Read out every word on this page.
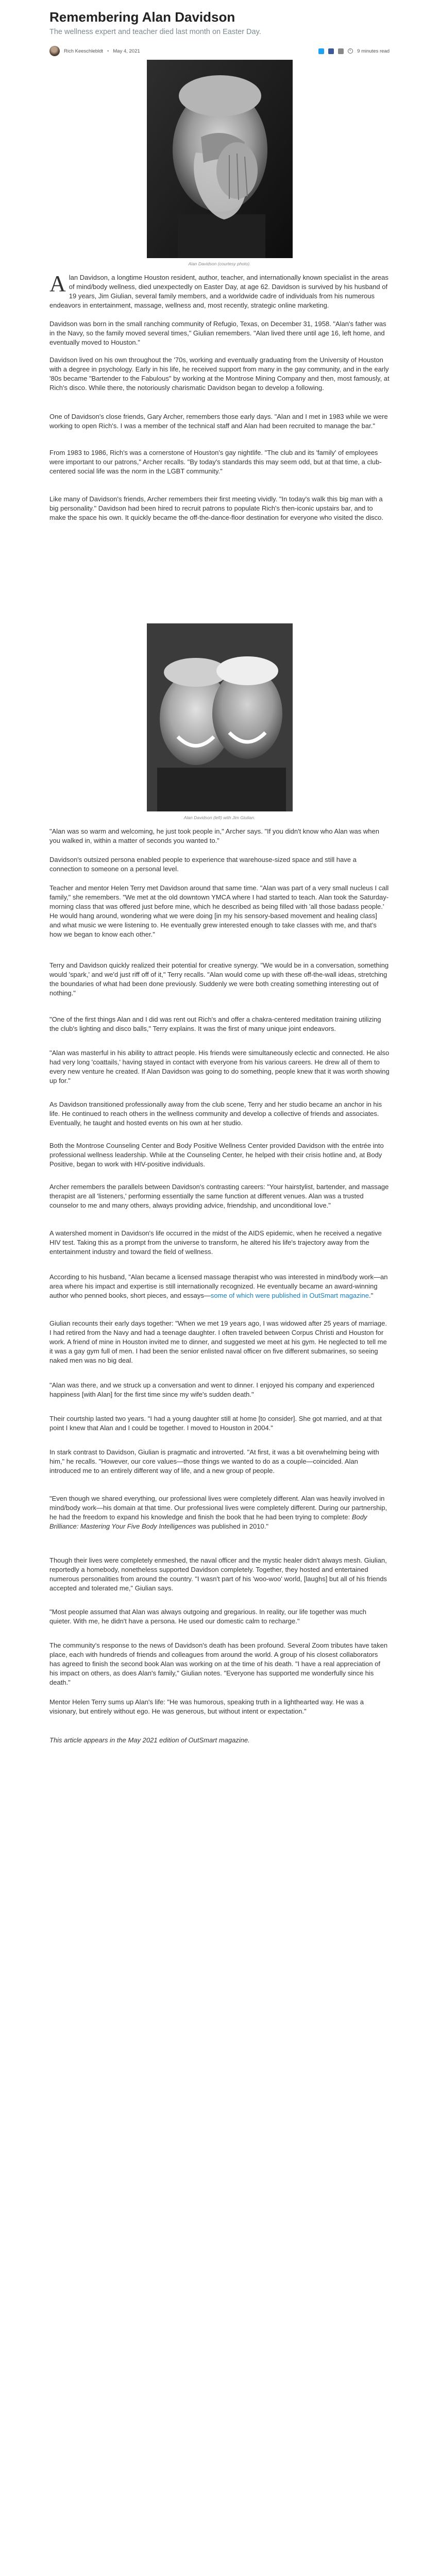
Remembering Alan Davidson
The wellness expert and teacher died last month on Easter Day.
Rich Keeschlebldt • May 4, 2021	9 minutes read
Alan Davidson (courtesy photo).
Alan Davidson, a longtime Houston resident, author, teacher, and internationally known specialist in the areas of mind/body wellness, died unexpectedly on Easter Day, at age 62. Davidson is survived by his husband of 19 years, Jim Giulian, several family members, and a worldwide cadre of individuals from his numerous endeavors in entertainment, massage, wellness and, most recently, strategic online marketing.
Davidson was born in the small ranching community of Refugio, Texas, on December 31, 1958. "Alan's father was in the Navy, so the family moved several times," Giulian remembers. "Alan lived there until age 16, left home, and eventually moved to Houston."
Davidson lived on his own throughout the '70s, working and eventually graduating from the University of Houston with a degree in psychology. Early in his life, he received support from many in the gay community, and in the early '80s became "Bartender to the Fabulous" by working at the Montrose Mining Company and then, most famously, at Rich's disco. While there, the notoriously charismatic Davidson began to develop a following.
One of Davidson's close friends, Gary Archer, remembers those early days. "Alan and I met in 1983 while we were working to open Rich's. I was a member of the technical staff and Alan had been recruited to manage the bar."
From 1983 to 1986, Rich's was a cornerstone of Houston's gay nightlife. "The club and its 'family' of employees were important to our patrons," Archer recalls. "By today's standards this may seem odd, but at that time, a club-centered social life was the norm in the LGBT community."
Like many of Davidson's friends, Archer remembers their first meeting vividly. "In today's walk this big man with a big personality." Davidson had been hired to recruit patrons to populate Rich's then-iconic upstairs bar, and to make the space his own. It quickly became the off-the-dance-floor destination for everyone who visited the disco.
Alan Davidson (left) with Jim Giulian.
"Alan was so warm and welcoming, he just took people in," Archer says. "If you didn't know who Alan was when you walked in, within a matter of seconds you wanted to."
Davidson's outsized persona enabled people to experience that warehouse-sized space and still have a connection to someone on a personal level.
Teacher and mentor Helen Terry met Davidson around that same time. "Alan was part of a very small nucleus I call family," she remembers. "We met at the old downtown YMCA where I had started to teach. Alan took the Saturday-morning class that was offered just before mine, which he described as being filled with 'all those badass people.' He would hang around, wondering what we were doing [in my his sensory-based movement and healing class] and what music we were listening to. He eventually grew interested enough to take classes with me, and that's how we began to know each other."
Terry and Davidson quickly realized their potential for creative synergy. "We would be in a conversation, something would 'spark,' and we'd just riff off of it," Terry recalls. "Alan would come up with these off-the-wall ideas, stretching the boundaries of what had been done previously. Suddenly we were both creating something interesting out of nothing."
"One of the first things Alan and I did was rent out Rich's and offer a chakra-centered meditation training utilizing the club's lighting and disco balls," Terry explains. It was the first of many unique joint endeavors.
"Alan was masterful in his ability to attract people. His friends were simultaneously eclectic and connected. He also had very long 'coattails,' having stayed in contact with everyone from his various careers. He drew all of them to every new venture he created. If Alan Davidson was going to do something, people knew that it was worth showing up for."
As Davidson transitioned professionally away from the club scene, Terry and her studio became an anchor in his life. He continued to reach others in the wellness community and develop a collective of friends and associates. Eventually, he taught and hosted events on his own at her studio.
Both the Montrose Counseling Center and Body Positive Wellness Center provided Davidson with the entrée into professional wellness leadership. While at the Counseling Center, he helped with their crisis hotline and, at Body Positive, began to work with HIV-positive individuals.
Archer remembers the parallels between Davidson's contrasting careers: "Your hairstylist, bartender, and massage therapist are all 'listeners,' performing essentially the same function at different venues. Alan was a trusted counselor to me and many others, always providing advice, friendship, and unconditional love."
A watershed moment in Davidson's life occurred in the midst of the AIDS epidemic, when he received a negative HIV test. Taking this as a prompt from the universe to transform, he altered his life's trajectory away from the entertainment industry and toward the field of wellness.
According to his husband, "Alan became a licensed massage therapist who was interested in mind/body work—an area where his impact and expertise is still internationally recognized. He eventually became an award-winning author who penned books, short pieces, and essays—some of which were published in OutSmart magazine."
Giulian recounts their early days together: "When we met 19 years ago, I was widowed after 25 years of marriage. I had retired from the Navy and had a teenage daughter. I often traveled between Corpus Christi and Houston for work. A friend of mine in Houston invited me to dinner, and suggested we meet at his gym. He neglected to tell me it was a gay gym full of men. I had been the senior enlisted naval officer on five different submarines, so seeing naked men was no big deal.
"Alan was there, and we struck up a conversation and went to dinner. I enjoyed his company and experienced happiness [with Alan] for the first time since my wife's sudden death."
Their courtship lasted two years. "I had a young daughter still at home [to consider]. She got married, and at that point I knew that Alan and I could be together. I moved to Houston in 2004."
In stark contrast to Davidson, Giulian is pragmatic and introverted. "At first, it was a bit overwhelming being with him," he recalls. "However, our core values—those things we wanted to do as a couple—coincided. Alan introduced me to an entirely different way of life, and a new group of people.
"Even though we shared everything, our professional lives were completely different. Alan was heavily involved in mind/body work—his domain at that time. Our professional lives were completely different. During our partnership, he had the freedom to expand his knowledge and finish the book that he had been trying to complete: Body Brilliance: Mastering Your Five Body Intelligences was published in 2010."
Though their lives were completely enmeshed, the naval officer and the mystic healer didn't always mesh. Giulian, reportedly a homebody, nonetheless supported Davidson completely. Together, they hosted and entertained numerous personalities from around the country. "I wasn't part of his 'woo-woo' world, [laughs] but all of his friends accepted and tolerated me," Giulian says.
"Most people assumed that Alan was always outgoing and gregarious. In reality, our life together was much quieter. With me, he didn't have a persona. He used our domestic calm to recharge."
The community's response to the news of Davidson's death has been profound. Several Zoom tributes have taken place, each with hundreds of friends and colleagues from around the world. A group of his closest collaborators has agreed to finish the second book Alan was working on at the time of his death. "I have a real appreciation of his impact on others, as does Alan's family," Giulian notes. "Everyone has supported me wonderfully since his death."
Mentor Helen Terry sums up Alan's life: "He was humorous, speaking truth in a lighthearted way. He was a visionary, but entirely without ego. He was generous, but without intent or expectation."
This article appears in the May 2021 edition of OutSmart magazine.
